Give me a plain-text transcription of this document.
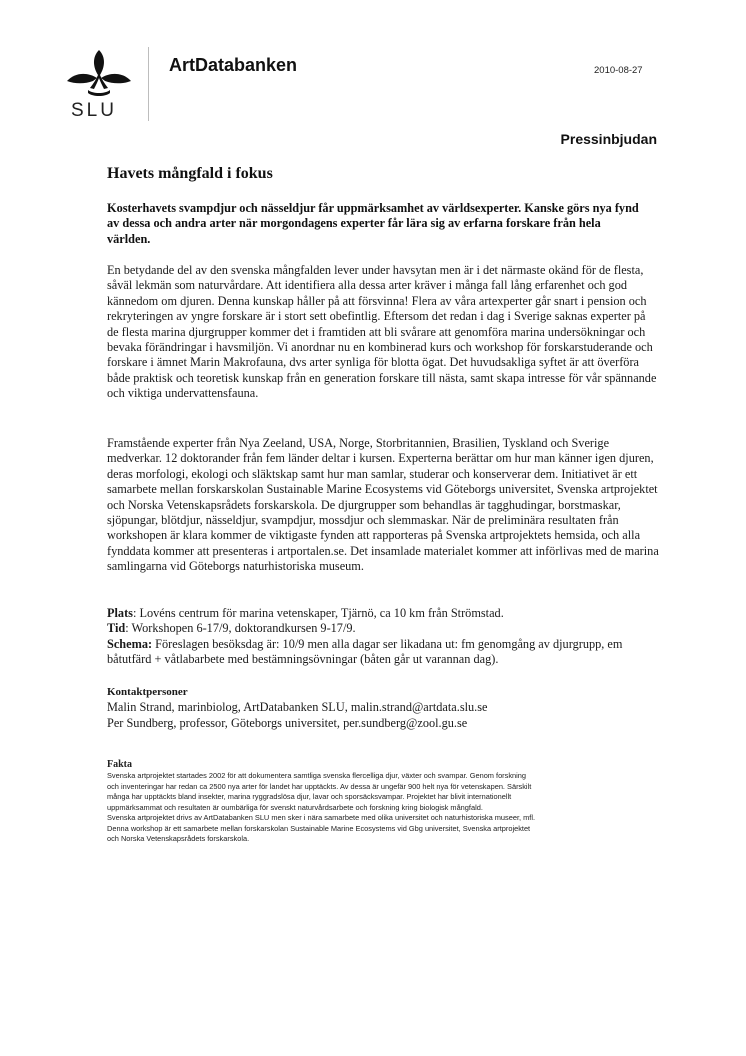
SLU
ArtDatabanken	2010-08-27
Pressinbjudan
Havets mångfald i fokus
Kosterhavets svampdjur och nässeldjur får uppmärksamhet av världsexperter. Kanske görs nya fynd av dessa och andra arter när morgondagens experter får lära sig av erfarna forskare från hela världen.
En betydande del av den svenska mångfalden lever under havsytan men är i det närmaste okänd för de flesta, såväl lekmän som naturvårdare. Att identifiera alla dessa arter kräver i många fall lång erfarenhet och god kännedom om djuren. Denna kunskap håller på att försvinna! Flera av våra artexperter går snart i pension och rekryteringen av yngre forskare är i stort sett obefintlig. Eftersom det redan i dag i Sverige saknas experter på de flesta marina djurgrupper kommer det i framtiden att bli svårare att genomföra marina undersökningar och bevaka förändringar i havsmiljön. Vi anordnar nu en kombinerad kurs och workshop för forskarstuderande och forskare i ämnet Marin Makrofauna, dvs arter synliga för blotta ögat. Det huvudsakliga syftet är att överföra både praktisk och teoretisk kunskap från en generation forskare till nästa, samt skapa intresse för vår spännande och viktiga undervattensfauna.
Framstående experter från Nya Zeeland, USA, Norge, Storbritannien, Brasilien, Tyskland och Sverige medverkar. 12 doktorander från fem länder deltar i kursen. Experterna berättar om hur man känner igen djuren, deras morfologi, ekologi och släktskap samt hur man samlar, studerar och konserverar dem. Initiativet är ett samarbete mellan forskarskolan Sustainable Marine Ecosystems vid Göteborgs universitet, Svenska artprojektet och Norska Vetenskapsrådets forskarskola. De djurgrupper som behandlas är tagghudingar, borstmaskar, sjöpungar, blötdjur, nässeldjur, svampdjur, mossdjur och slemmaskar. När de preliminära resultaten från workshopen är klara kommer de viktigaste fynden att rapporteras på Svenska artprojektets hemsida, och alla fynddata kommer att presenteras i artportalen.se. Det insamlade materialet kommer att införlivas med de marina samlingarna vid Göteborgs naturhistoriska museum.
Plats: Lovéns centrum för marina vetenskaper, Tjärnö, ca 10 km från Strömstad.
Tid: Workshopen 6-17/9, doktorandkursen 9-17/9.
Schema: Föreslagen besöksdag är: 10/9 men alla dagar ser likadana ut: fm genomgång av djurgrupp, em båtutfärd + våtlabarbete med bestämningsövningar (båten går ut varannan dag).
Kontaktpersoner
Malin Strand, marinbiolog, ArtDatabanken SLU, malin.strand@artdata.slu.se
Per Sundberg, professor, Göteborgs universitet, per.sundberg@zool.gu.se
Fakta
Svenska artprojektet startades 2002 för att dokumentera samtliga svenska flercelliga djur, växter och svampar. Genom forskning
och inventeringar har redan ca 2500 nya arter för landet har upptäckts. Av dessa är ungefär 900 helt nya för vetenskapen. Särskilt
många har upptäckts bland insekter, marina ryggradslösa djur, lavar och sporsäcksvampar. Projektet har blivit internationellt
uppmärksammat och resultaten är oumbärliga för svenskt naturvårdsarbete och forskning kring biologisk mångfald.
Svenska artprojektet drivs av ArtDatabanken SLU men sker i nära samarbete med olika universitet och naturhistoriska museer, mfl.
Denna workshop är ett samarbete mellan forskarskolan Sustainable Marine Ecosystems vid Gbg universitet, Svenska artprojektet
och Norska Vetenskapsrådets forskarskola.
